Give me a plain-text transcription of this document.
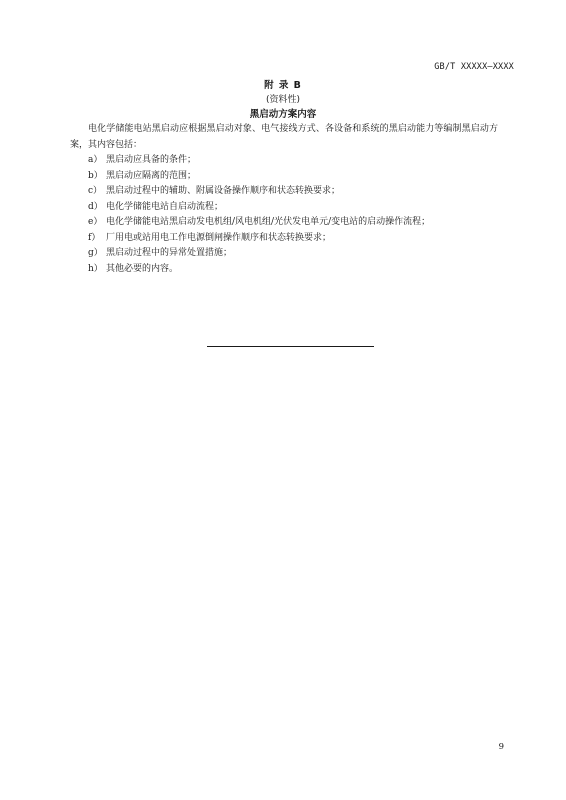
GB/T XXXXX—XXXX
附 录 B
(资料性)
黑启动方案内容

电化学储能电站黑启动应根据黑启动对象、电气接线方式、各设备和系统的黑启动能力等编制黑启动方案，其内容包括：

a） 黑启动应具备的条件；
b） 黑启动应隔离的范围；
c） 黑启动过程中的辅助、附属设备操作顺序和状态转换要求；
d） 电化学储能电站自启动流程；
e） 电化学储能电站黑启动发电机组/风电机组/光伏发电单元/变电站的启动操作流程；
f） 厂用电或站用电工作电源倒闸操作顺序和状态转换要求；
g） 黑启动过程中的异常处置措施；
h） 其他必要的内容。
9
